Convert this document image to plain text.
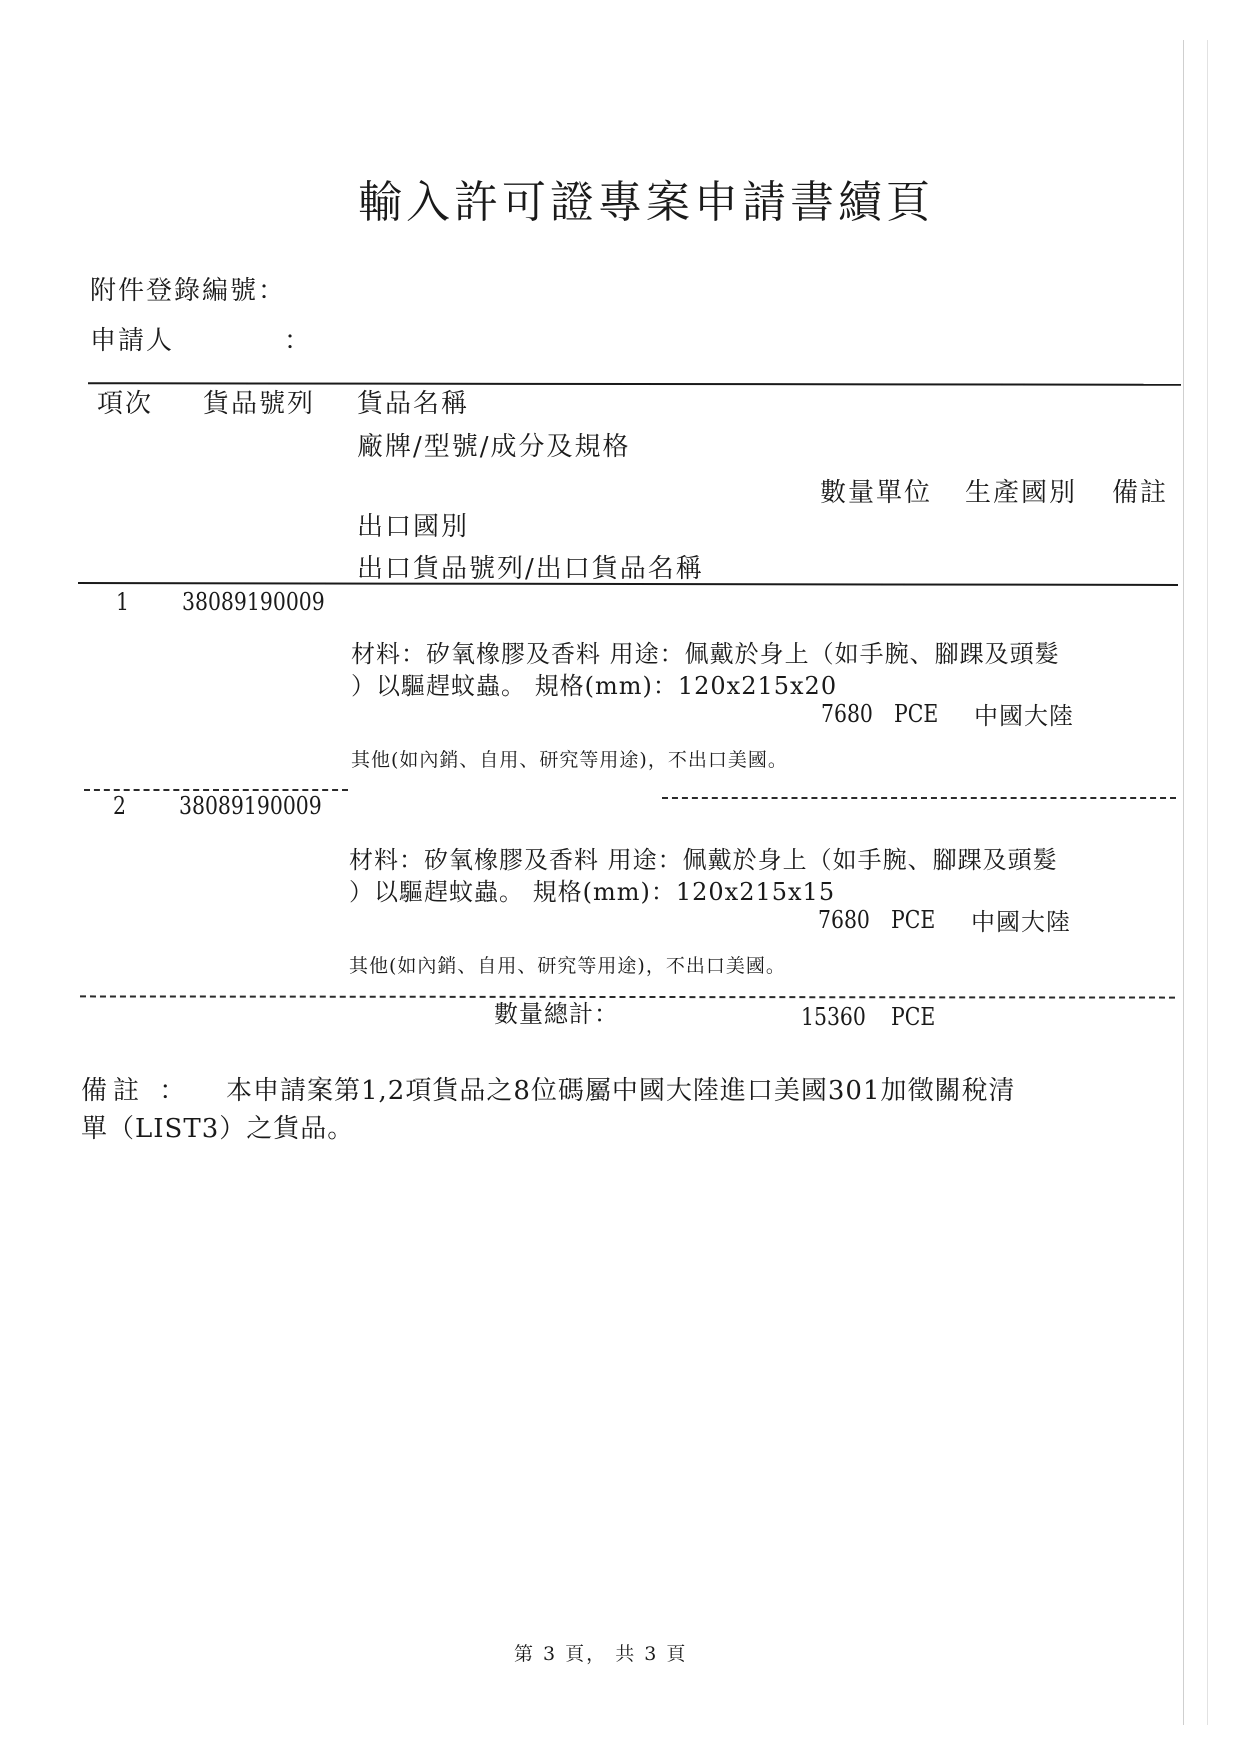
輸入許可證專案申請書續頁
附件登錄編號：
申請人	：
項次 貨品號列 貨品名稱
廠牌/型號/成分及規格
數量單位 生產國別 備註
出口國別
出口貨品號列/出口貨品名稱
1 38089190009
材料：矽氧橡膠及香料 用途：佩戴於身上（如手腕、腳踝及頭髮
）以驅趕蚊蟲。 規格(mm)：120x215x20
7680 PCE 中國大陸
其他(如內銷、自用、研究等用途)，不出口美國。
2 38089190009
材料：矽氧橡膠及香料 用途：佩戴於身上（如手腕、腳踝及頭髮
）以驅趕蚊蟲。 規格(mm)：120x215x15
7680 PCE 中國大陸
其他(如內銷、自用、研究等用途)，不出口美國。
數量總計：	15360 PCE
備註 ： 本申請案第1,2項貨品之8位碼屬中國大陸進口美國301加徵關稅清
單（LIST3）之貨品。
第 3 頁， 共 3 頁
